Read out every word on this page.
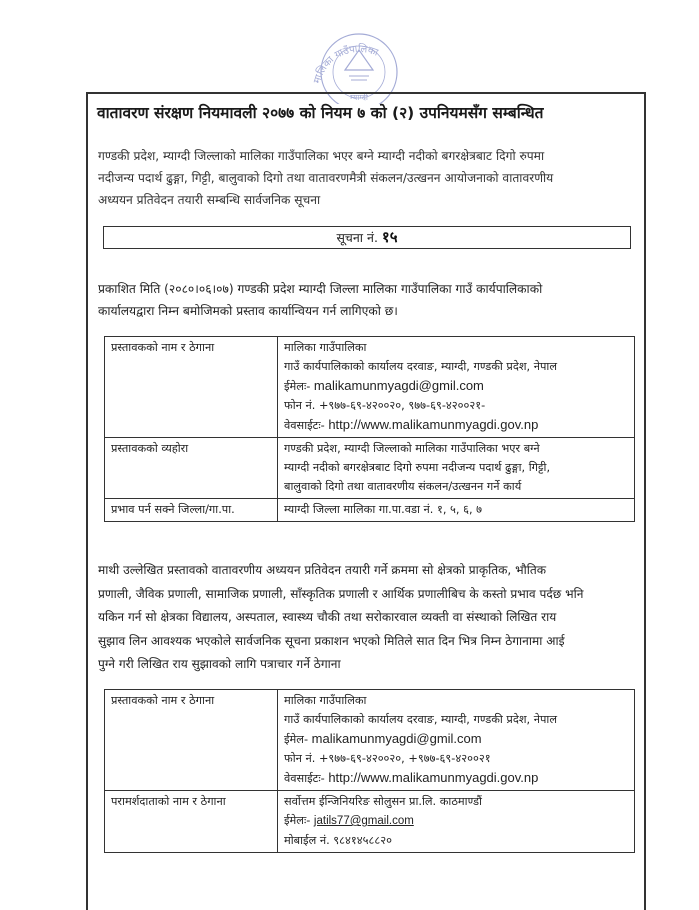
मालिका गाउँपालिका
म्याग्दी
वातावरण संरक्षण नियमावली २०७७ को नियम ७ को (२) उपनियमसँग सम्बन्धित
गण्डकी प्रदेश, म्याग्दी जिल्लाको मालिका गाउँपालिका भएर बग्ने म्याग्दी नदीको बगरक्षेत्रबाट दिगो रुपमा
नदीजन्य पदार्थ ढुङ्गा, गिट्टी, बालुवाको दिगो तथा वातावरणमैत्री संकलन/उत्खनन आयोजनाको वातावरणीय
अध्ययन प्रतिवेदन तयारी सम्बन्धि सार्वजनिक सूचना
सूचना नं. १५
प्रकाशित मिति (२०८०।०६।०७) गण्डकी प्रदेश म्याग्दी जिल्ला मालिका गाउँपालिका गाउँ कार्यपालिकाको
कार्यालयद्वारा निम्न बमोजिमको प्रस्ताव कार्यान्वियन गर्न लागिएको छ।
प्रस्तावकको नाम र ठेगाना	मालिका गाउँपालिका
गाउँ कार्यपालिकाको कार्यालय दरवाङ, म्याग्दी, गण्डकी प्रदेश, नेपाल
ईमेलः- malikamunmyagdi@gmil.com
फोन नं. +९७७-६९-४२००२०, ९७७-६९-४२००२१-
वेवसाईटः- http://www.malikamunmyagdi.gov.np

प्रस्तावकको व्यहोरा	गण्डकी प्रदेश, म्याग्दी जिल्लाको मालिका गाउँपालिका भएर बग्ने
म्याग्दी नदीको बगरक्षेत्रबाट दिगो रुपमा नदीजन्य पदार्थ ढुङ्गा, गिट्टी,
बालुवाको दिगो तथा वातावरणीय संकलन/उत्खनन गर्ने कार्य

प्रभाव पर्न सक्ने जिल्ला/गा.पा.	म्याग्दी जिल्ला मालिका गा.पा.वडा नं. १, ५, ६, ७
माथी उल्लेखित प्रस्तावको वातावरणीय अध्ययन प्रतिवेदन तयारी गर्ने क्रममा सो क्षेत्रको प्राकृतिक, भौतिक
प्रणाली, जैविक प्रणाली, सामाजिक प्रणाली, साँस्कृतिक प्रणाली र आर्थिक प्रणालीबिच के कस्तो प्रभाव पर्दछ भनि
यकिन गर्न सो क्षेत्रका विद्यालय, अस्पताल, स्वास्थ्य चौकी तथा सरोकारवाल व्यक्ती वा संस्थाको लिखित राय
सुझाव लिन आवश्यक भएकोले सार्वजनिक सूचना प्रकाशन भएको मितिले सात दिन भित्र निम्न ठेगानामा आई
पुग्ने गरी लिखित राय सुझावको लागि पत्राचार गर्ने ठेगाना
प्रस्तावकको नाम र ठेगाना	मालिका गाउँपालिका
गाउँ कार्यपालिकाको कार्यालय दरवाङ, म्याग्दी, गण्डकी प्रदेश, नेपाल
ईमेल- malikamunmyagdi@gmil.com
फोन नं. +९७७-६९-४२००२०, +९७७-६९-४२००२१
वेवसाईटः- http://www.malikamunmyagdi.gov.np

परामर्शदाताको नाम र ठेगाना	सर्वोत्तम ईन्जिनियरिङ सोलुसन प्रा.लि. काठमाण्डौं
ईमेलः- jatils77@gmail.com
मोबाईल नं. ९८४१४५८८२०
